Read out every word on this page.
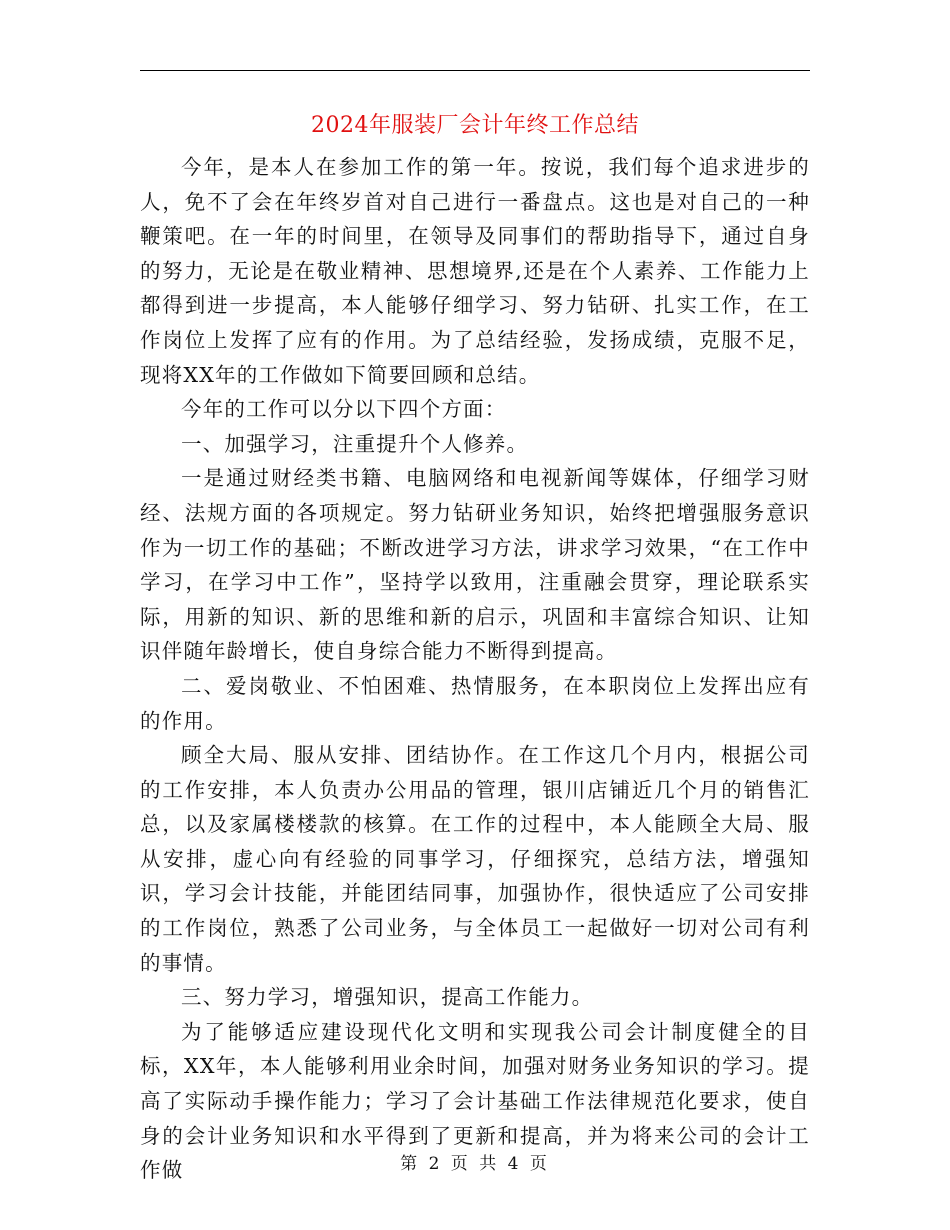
2024年服装厂会计年终工作总结

今年，是本人在参加工作的第一年。按说，我们每个追求进步的人，免不了会在年终岁首对自己进行一番盘点。这也是对自己的一种鞭策吧。在一年的时间里，在领导及同事们的帮助指导下，通过自身的努力，无论是在敬业精神、思想境界,还是在个人素养、工作能力上都得到进一步提高，本人能够仔细学习、努力钻研、扎实工作，在工作岗位上发挥了应有的作用。为了总结经验，发扬成绩，克服不足，现将XX年的工作做如下简要回顾和总结。

今年的工作可以分以下四个方面：

一、加强学习，注重提升个人修养。

一是通过财经类书籍、电脑网络和电视新闻等媒体，仔细学习财经、法规方面的各项规定。努力钻研业务知识，始终把增强服务意识作为一切工作的基础；不断改进学习方法，讲求学习效果，“在工作中学习，在学习中工作”，坚持学以致用，注重融会贯穿，理论联系实际，用新的知识、新的思维和新的启示，巩固和丰富综合知识、让知识伴随年龄增长，使自身综合能力不断得到提高。

二、爱岗敬业、不怕困难、热情服务，在本职岗位上发挥出应有的作用。

顾全大局、服从安排、团结协作。在工作这几个月内，根据公司的工作安排，本人负责办公用品的管理，银川店铺近几个月的销售汇总，以及家属楼楼款的核算。在工作的过程中，本人能顾全大局、服从安排，虚心向有经验的同事学习，仔细探究，总结方法，增强知识，学习会计技能，并能团结同事，加强协作，很快适应了公司安排的工作岗位，熟悉了公司业务，与全体员工一起做好一切对公司有利的事情。

三、努力学习，增强知识，提高工作能力。

为了能够适应建设现代化文明和实现我公司会计制度健全的目标，XX年，本人能够利用业余时间，加强对财务业务知识的学习。提高了实际动手操作能力；学习了会计基础工作法律规范化要求，使自身的会计业务知识和水平得到了更新和提高，并为将来公司的会计工作做	第 2 页 共 4 页
